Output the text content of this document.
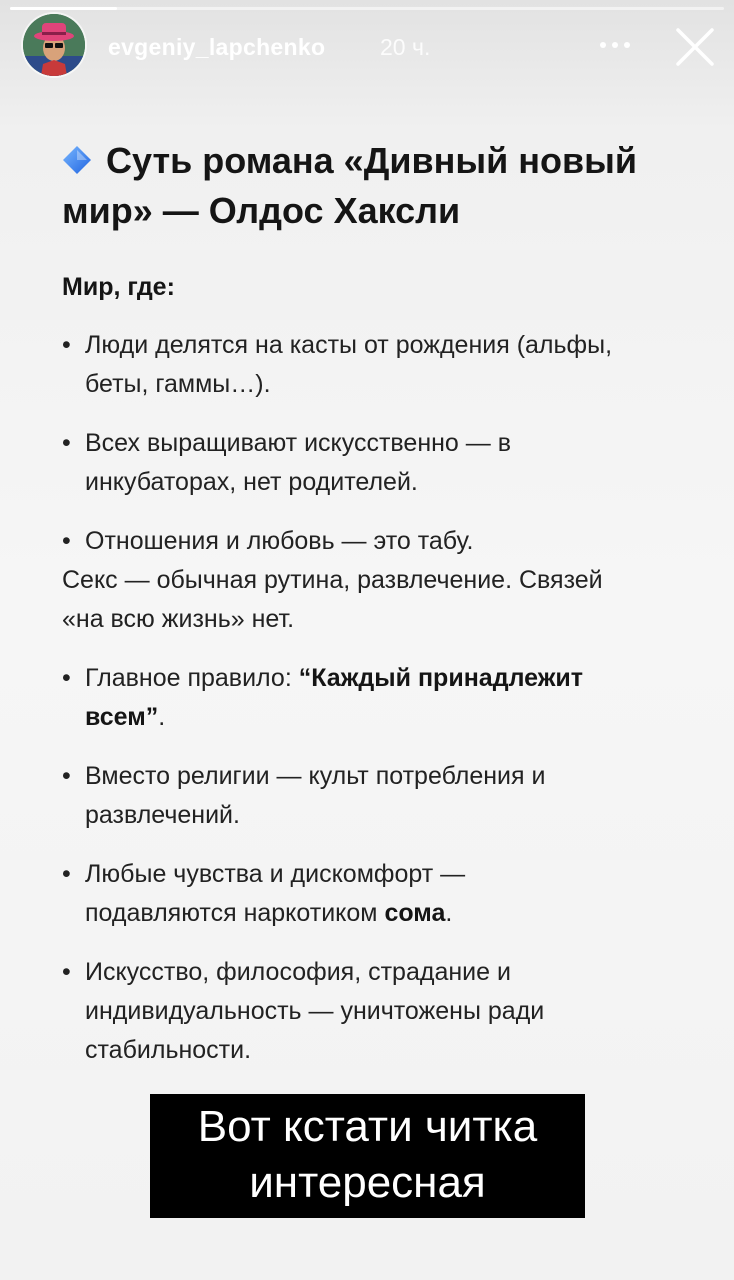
evgeniy_lapchenko 20 ч.
Суть романа «Дивный новый
мир» — Олдос Хаксли
Мир, где:
• Люди делятся на касты от рождения (альфы,
беты, гаммы…).
• Всех выращивают искусственно — в
инкубаторах, нет родителей.
• Отношения и любовь — это табу.
Секс — обычная рутина, развлечение. Связей
«на всю жизнь» нет.
• Главное правило: “Каждый принадлежит
всем”.
• Вместо религии — культ потребления и
развлечений.
• Любые чувства и дискомфорт —
подавляются наркотиком сома.
• Искусство, философия, страдание и
индивидуальность — уничтожены ради
стабильности.
Вот кстати читка
интересная
